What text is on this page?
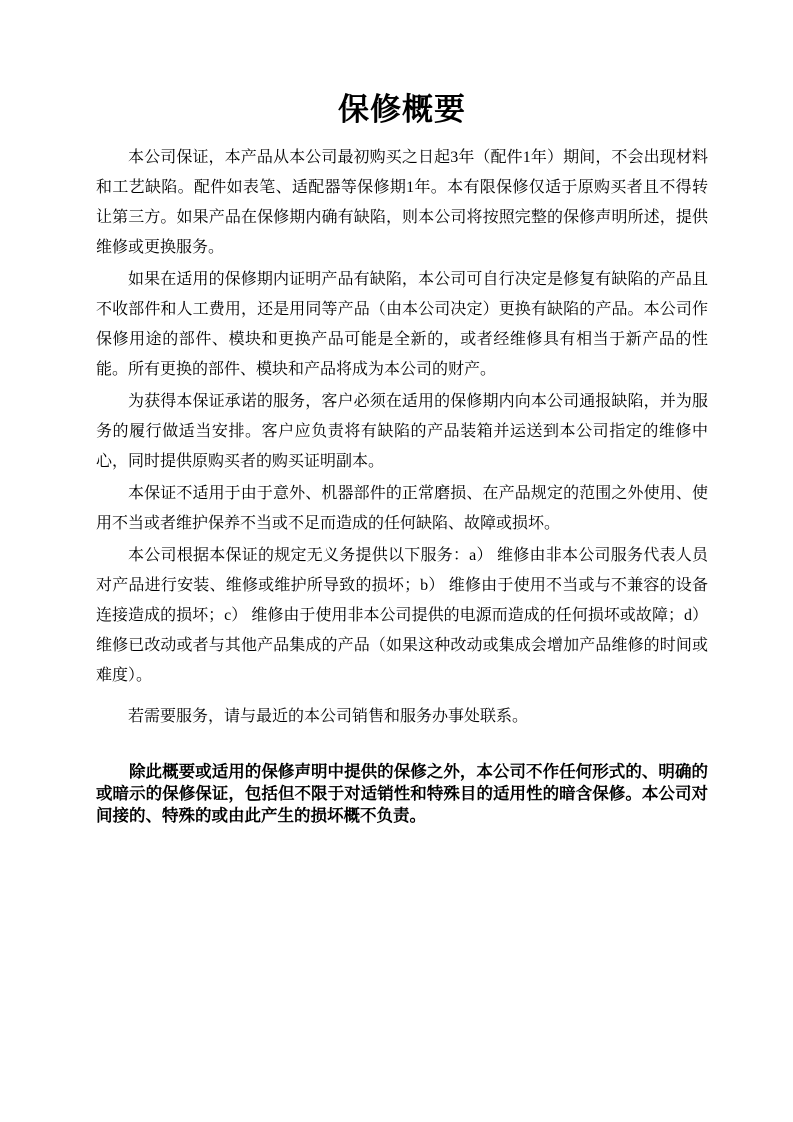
保修概要

本公司保证，本产品从本公司最初购买之日起3年（配件1年）期间，不会出现材料和工艺缺陷。配件如表笔、适配器等保修期1年。本有限保修仅适于原购买者且不得转让第三方。如果产品在保修期内确有缺陷，则本公司将按照完整的保修声明所述，提供维修或更换服务。

如果在适用的保修期内证明产品有缺陷，本公司可自行决定是修复有缺陷的产品且不收部件和人工费用，还是用同等产品（由本公司决定）更换有缺陷的产品。本公司作保修用途的部件、模块和更换产品可能是全新的，或者经维修具有相当于新产品的性能。所有更换的部件、模块和产品将成为本公司的财产。

为获得本保证承诺的服务，客户必须在适用的保修期内向本公司通报缺陷，并为服务的履行做适当安排。客户应负责将有缺陷的产品装箱并运送到本公司指定的维修中心，同时提供原购买者的购买证明副本。

本保证不适用于由于意外、机器部件的正常磨损、在产品规定的范围之外使用、使用不当或者维护保养不当或不足而造成的任何缺陷、故障或损坏。

本公司根据本保证的规定无义务提供以下服务：a） 维修由非本公司服务代表人员对产品进行安装、维修或维护所导致的损坏；b） 维修由于使用不当或与不兼容的设备连接造成的损坏；c） 维修由于使用非本公司提供的电源而造成的任何损坏或故障；d） 维修已改动或者与其他产品集成的产品（如果这种改动或集成会增加产品维修的时间或难度）。

若需要服务，请与最近的本公司销售和服务办事处联系。

除此概要或适用的保修声明中提供的保修之外，本公司不作任何形式的、明确的或暗示的保修保证，包括但不限于对适销性和特殊目的适用性的暗含保修。本公司对间接的、特殊的或由此产生的损坏概不负责。
